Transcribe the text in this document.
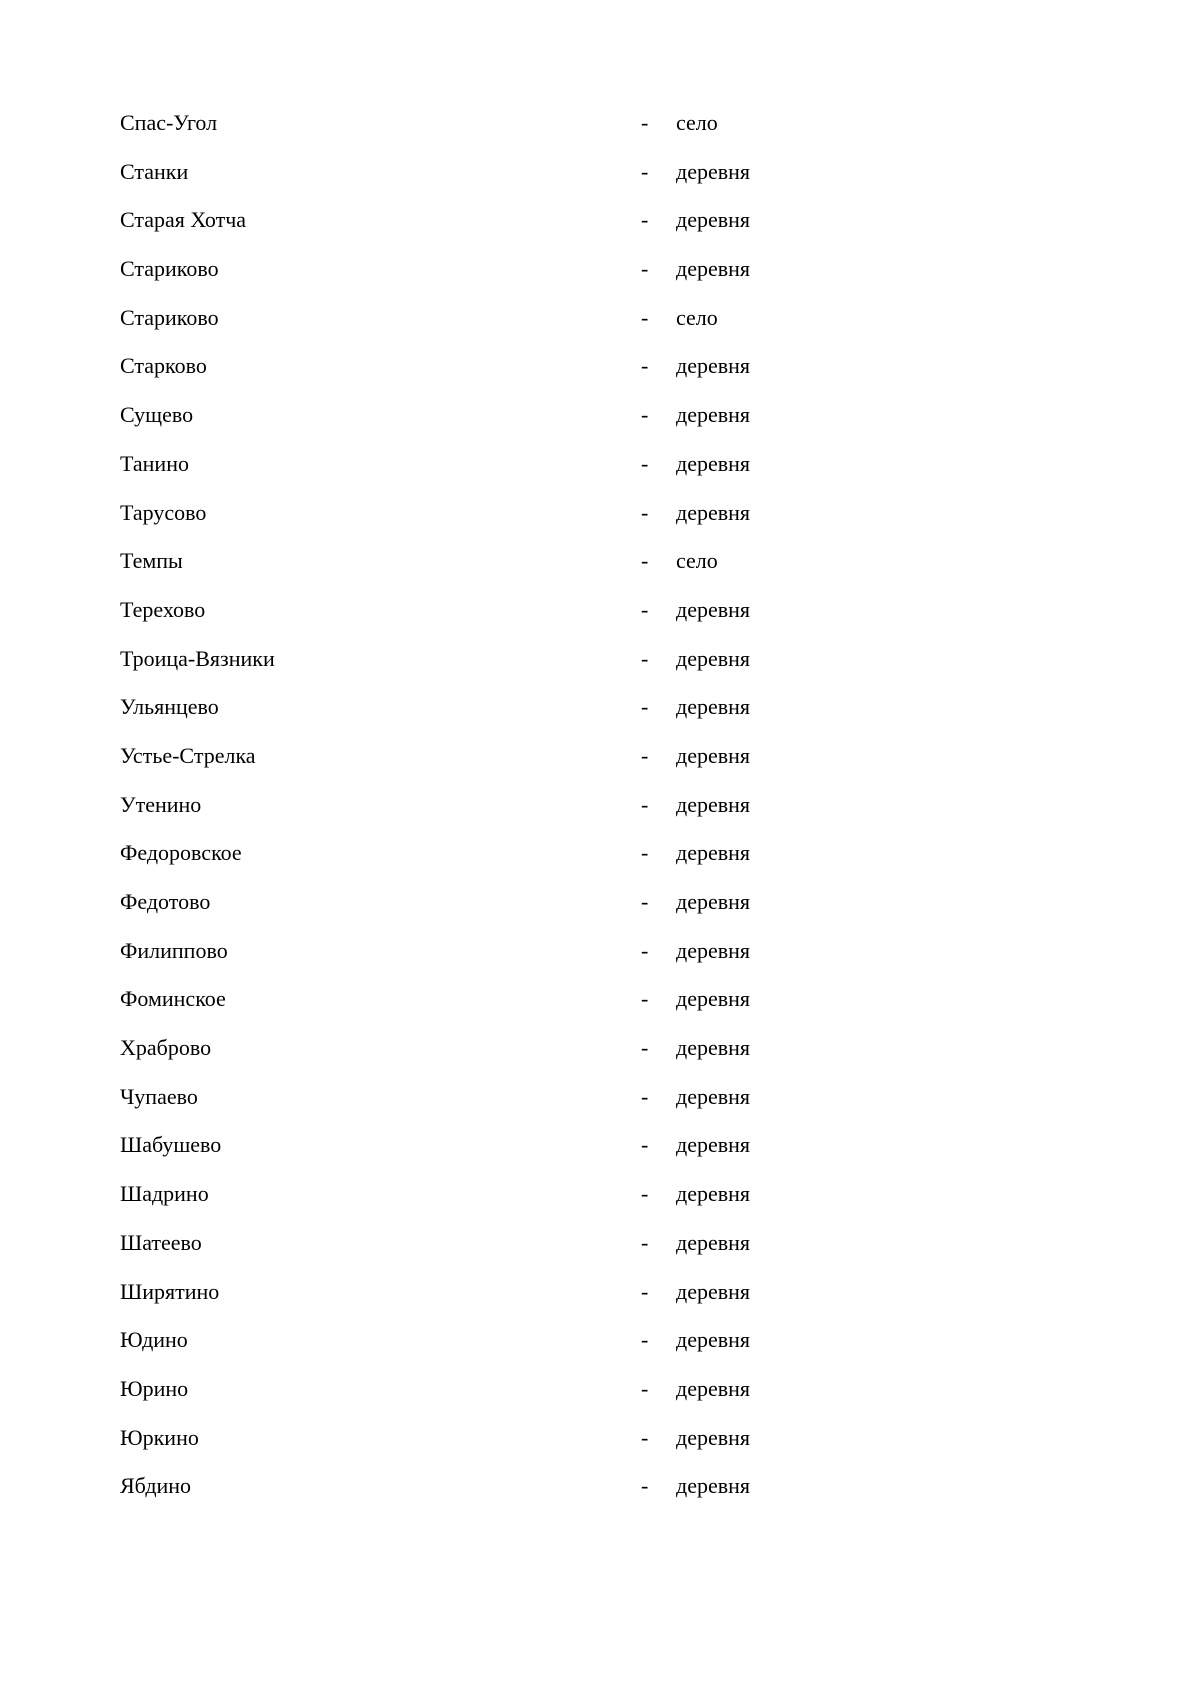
Спас-Угол	- село
Станки	- деревня
Старая Хотча	- деревня
Стариково	- деревня
Стариково	- село
Старково	- деревня
Сущево	- деревня
Танино	- деревня
Тарусово	- деревня
Темпы	- село
Терехово	- деревня
Троица-Вязники	- деревня
Ульянцево	- деревня
Устье-Стрелка	- деревня
Утенино	- деревня
Федоровское	- деревня
Федотово	- деревня
Филиппово	- деревня
Фоминское	- деревня
Храброво	- деревня
Чупаево	- деревня
Шабушево	- деревня
Шадрино	- деревня
Шатеево	- деревня
Ширятино	- деревня
Юдино	- деревня
Юрино	- деревня
Юркино	- деревня
Ябдино	- деревня
